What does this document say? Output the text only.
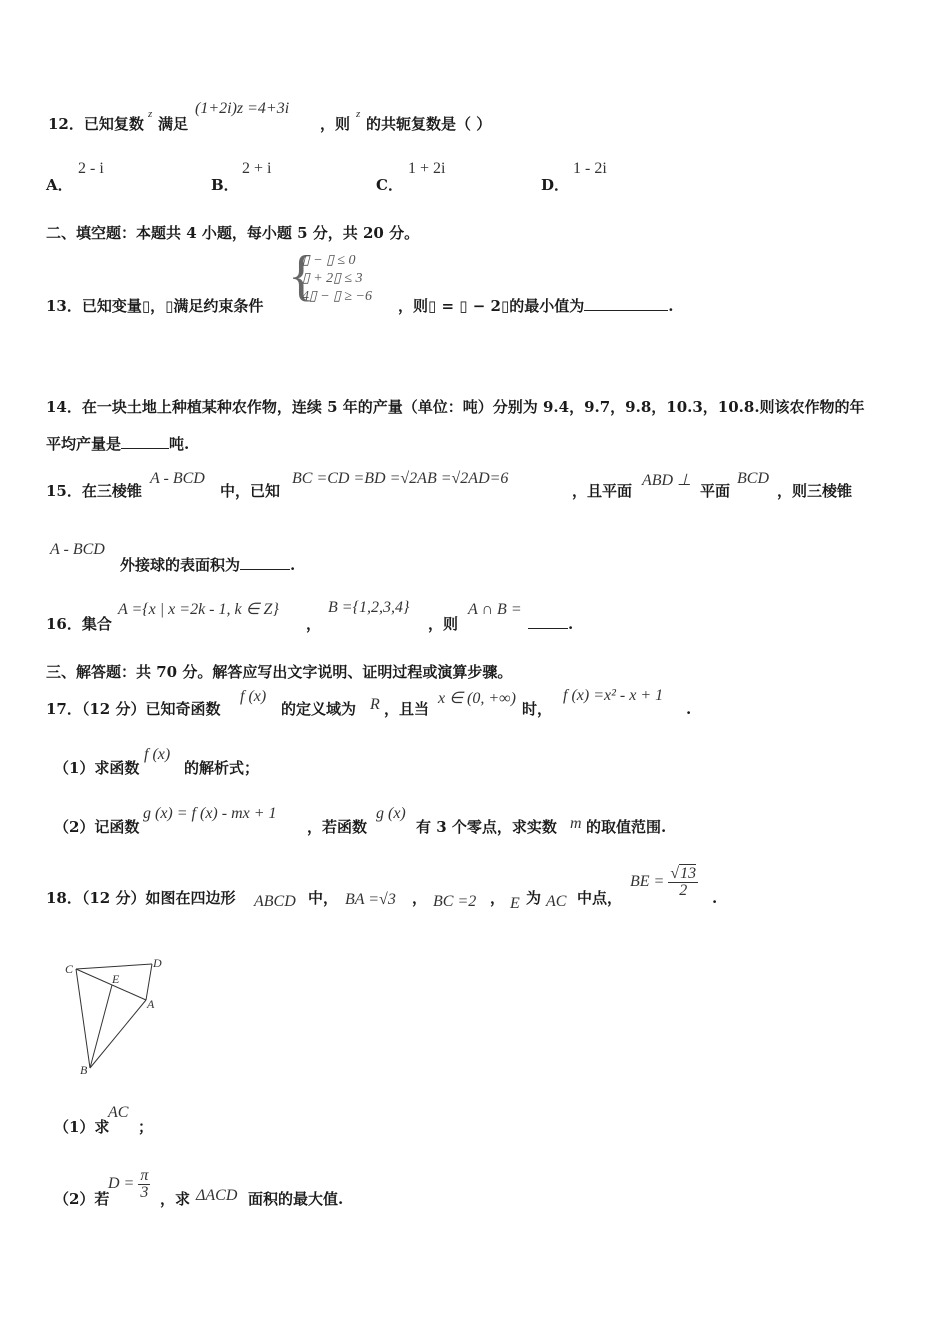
12．已知复数
z
满足
(1+2i)z =4+3i
，则
z
的共轭复数是（ ）
A．
2 - i
B．
2 + i
C．
1 + 2i
D．
1 - 2i
二、填空题：本题共 4 小题，每小题 5 分，共 20 分。
13．已知变量▯，▯满足约束条件 {
▯ − ▯ ≤ 0
▯ + 2▯ ≤ 3
4▯ − ▯ ≥ −6
，则▯ = ▯ − 2▯的最小值为	.
14．在一块土地上种植某种农作物，连续 5 年的产量（单位：吨）分别为 9.4，9.7，9.8，10.3，10.8.则该农作物的年
平均产量是	吨.
15．在三棱锥
A - BCD
中，已知
BC =CD =BD =√2AB =√2AD=6
，且平面
ABD ⊥
平面
BCD
，则三棱锥
A - BCD
外接球的表面积为	.
16．集合
A ={x | x =2k - 1, k ∈ Z}
，
B ={1,2,3,4}
，则
A ∩ B =
.
三、解答题：共 70 分。解答应写出文字说明、证明过程或演算步骤。
17．（12 分）已知奇函数
f (x)
的定义域为 R ，且当
x ∈ (0, +∞)
时，
f (x) =x² - x + 1
.
（1）求函数
f (x)
的解析式；
（2）记函数
g (x) = f (x) - mx + 1
，若函数
g (x)
有 3 个零点，求实数 m 的取值范围.
18．（12 分）如图在四边形 ABCD 中， BA =√3 ， BC =2 ， E 为 AC 中点，
BE = $\frac{√13}{2}$ .
C	D
E
A
B
（1）求
AC
；
（2）若
$D = \frac{\pi}{3}$ ，求 ΔACD 面积的最大值.
